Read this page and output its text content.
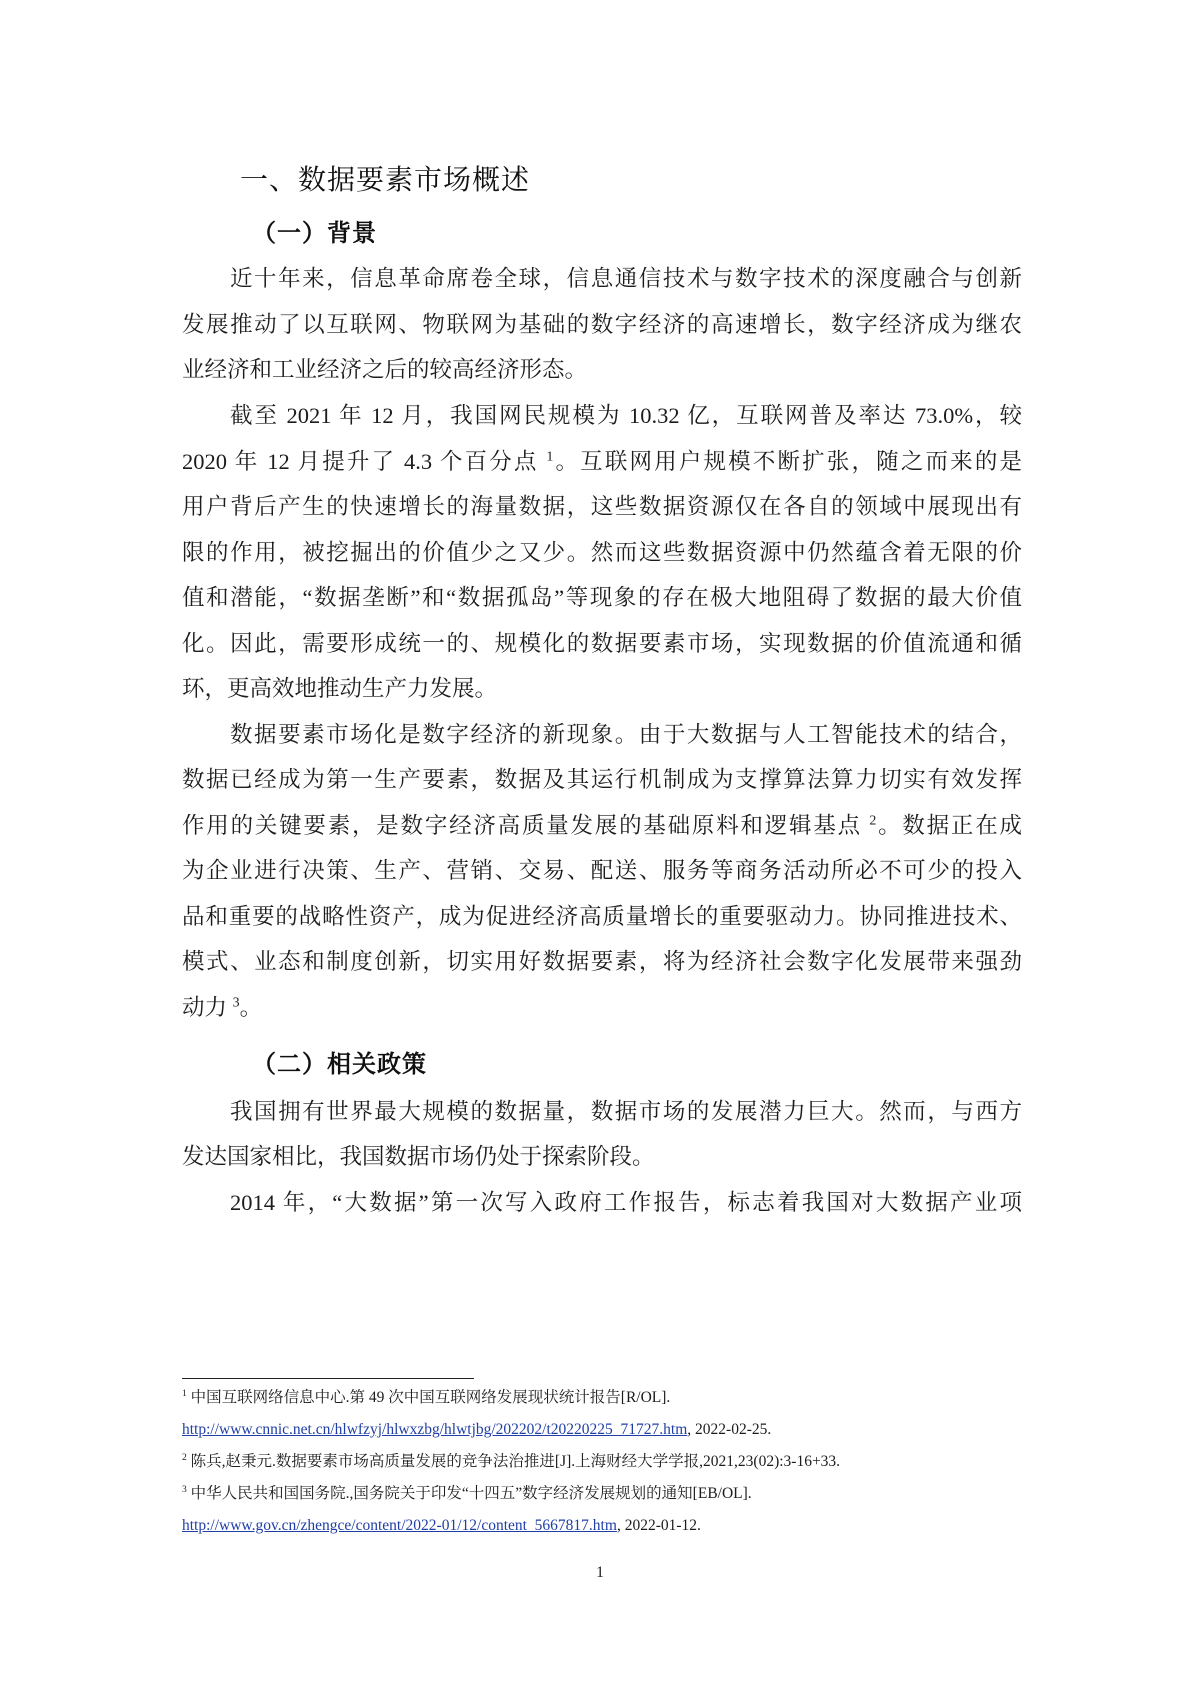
一、数据要素市场概述
（一）背景
近十年来，信息革命席卷全球，信息通信技术与数字技术的深度融合与创新
发展推动了以互联网、物联网为基础的数字经济的高速增长，数字经济成为继农
业经济和工业经济之后的较高经济形态。
截至 2021 年 12 月，我国网民规模为 10.32 亿，互联网普及率达 73.0%，较
2020 年 12 月提升了 4.3 个百分点 $^1$。互联网用户规模不断扩张，随之而来的是
用户背后产生的快速增长的海量数据，这些数据资源仅在各自的领域中展现出有
限的作用，被挖掘出的价值少之又少。然而这些数据资源中仍然蕴含着无限的价
值和潜能，“数据垄断”和“数据孤岛”等现象的存在极大地阻碍了数据的最大价值
化。因此，需要形成统一的、规模化的数据要素市场，实现数据的价值流通和循
环，更高效地推动生产力发展。
数据要素市场化是数字经济的新现象。由于大数据与人工智能技术的结合，
数据已经成为第一生产要素，数据及其运行机制成为支撑算法算力切实有效发挥
作用的关键要素，是数字经济高质量发展的基础原料和逻辑基点 $^2$。数据正在成
为企业进行决策、生产、营销、交易、配送、服务等商务活动所必不可少的投入
品和重要的战略性资产，成为促进经济高质量增长的重要驱动力。协同推进技术、
模式、业态和制度创新，切实用好数据要素，将为经济社会数字化发展带来强劲
动力 $^3$。
（二）相关政策
我国拥有世界最大规模的数据量，数据市场的发展潜力巨大。然而，与西方
发达国家相比，我国数据市场仍处于探索阶段。
2014 年，“大数据”第一次写入政府工作报告，标志着我国对大数据产业项
$^1$ 中国互联网络信息中心.第 49 次中国互联网络发展现状统计报告[R/OL].
http://www.cnnic.net.cn/hlwfzyj/hlwxzbg/hlwtjbg/202202/t20220225_71727.htm, 2022-02-25.
$^2$ 陈兵,赵秉元.数据要素市场高质量发展的竞争法治推进[J].上海财经大学学报,2021,23(02):3-16+33.
$^3$ 中华人民共和国国务院.,国务院关于印发“十四五”数字经济发展规划的通知[EB/OL].
http://www.gov.cn/zhengce/content/2022-01/12/content_5667817.htm, 2022-01-12.
1
